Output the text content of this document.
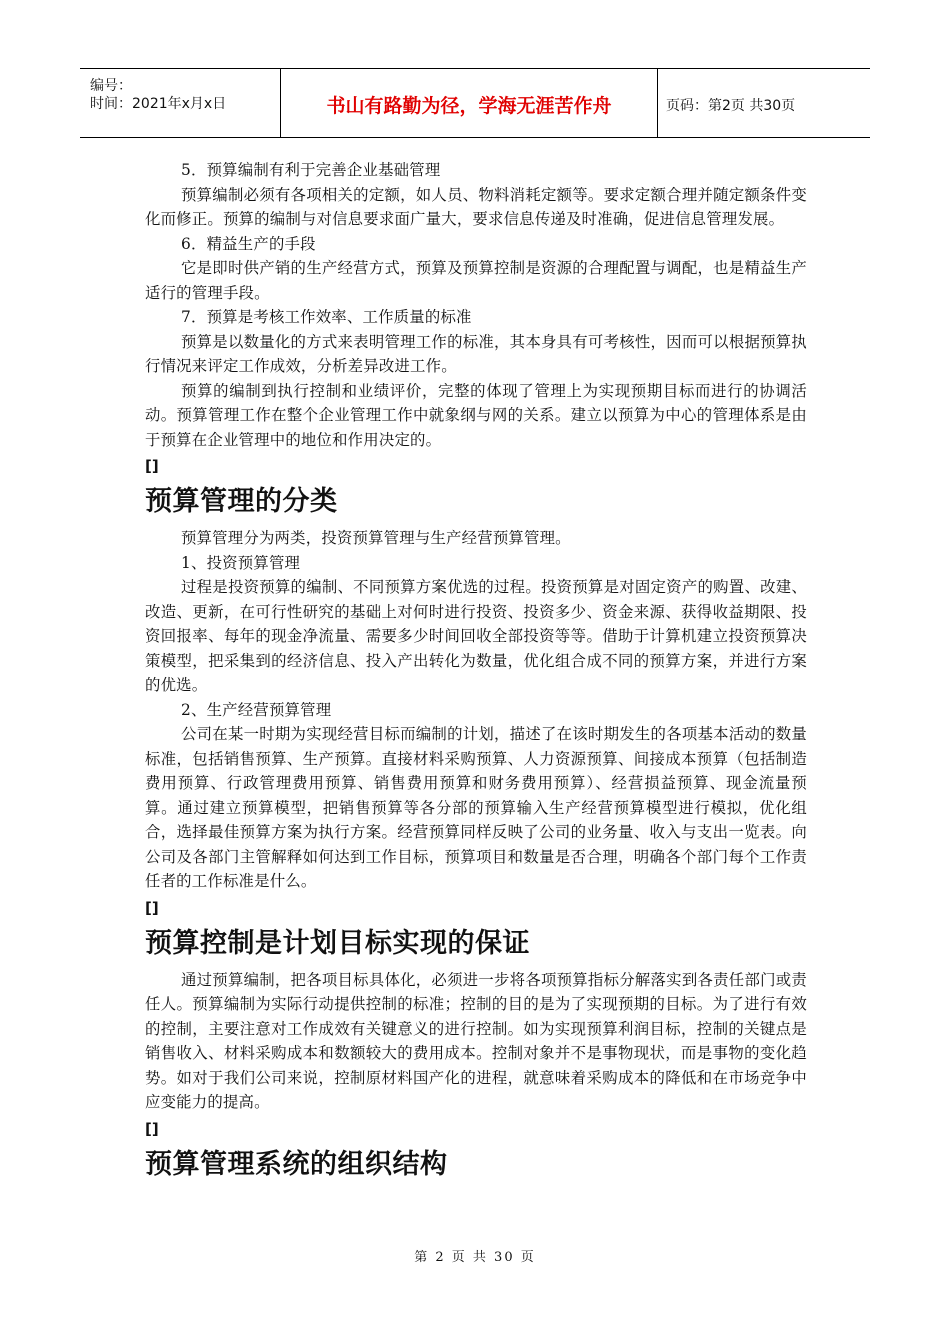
编号：
时间：2021年x月x日	书山有路勤为径，学海无涯苦作舟	页码：第2页 共30页

5．预算编制有利于完善企业基础管理

预算编制必须有各项相关的定额，如人员、物料消耗定额等。要求定额合理并随定额条件变化而修正。预算的编制与对信息要求面广量大，要求信息传递及时准确，促进信息管理发展。

6．精益生产的手段

它是即时供产销的生产经营方式，预算及预算控制是资源的合理配置与调配，也是精益生产适行的管理手段。

7．预算是考核工作效率、工作质量的标准

预算是以数量化的方式来表明管理工作的标准，其本身具有可考核性，因而可以根据预算执行情况来评定工作成效，分析差异改进工作。

预算的编制到执行控制和业绩评价，完整的体现了管理上为实现预期目标而进行的协调活动。预算管理工作在整个企业管理工作中就象纲与网的关系。建立以预算为中心的管理体系是由于预算在企业管理中的地位和作用决定的。

[]

预算管理的分类

预算管理分为两类，投资预算管理与生产经营预算管理。

1、投资预算管理

过程是投资预算的编制、不同预算方案优选的过程。投资预算是对固定资产的购置、改建、改造、更新，在可行性研究的基础上对何时进行投资、投资多少、资金来源、获得收益期限、投资回报率、每年的现金净流量、需要多少时间回收全部投资等等。借助于计算机建立投资预算决策模型，把采集到的经济信息、投入产出转化为数量，优化组合成不同的预算方案，并进行方案的优选。

2、生产经营预算管理

公司在某一时期为实现经营目标而编制的计划，描述了在该时期发生的各项基本活动的数量标准，包括销售预算、生产预算。直接材料采购预算、人力资源预算、间接成本预算（包括制造费用预算、行政管理费用预算、销售费用预算和财务费用预算）、经营损益预算、现金流量预算。通过建立预算模型，把销售预算等各分部的预算输入生产经营预算模型进行模拟，优化组合，选择最佳预算方案为执行方案。经营预算同样反映了公司的业务量、收入与支出一览表。向公司及各部门主管解释如何达到工作目标，预算项目和数量是否合理，明确各个部门每个工作责任者的工作标准是什么。

[]

预算控制是计划目标实现的保证

通过预算编制，把各项目标具体化，必须进一步将各项预算指标分解落实到各责任部门或责任人。预算编制为实际行动提供控制的标准；控制的目的是为了实现预期的目标。为了进行有效的控制，主要注意对工作成效有关键意义的进行控制。如为实现预算利润目标，控制的关键点是销售收入、材料采购成本和数额较大的费用成本。控制对象并不是事物现状，而是事物的变化趋势。如对于我们公司来说，控制原材料国产化的进程，就意味着采购成本的降低和在市场竞争中应变能力的提高。

[]

预算管理系统的组织结构
第 2 页 共 30 页
